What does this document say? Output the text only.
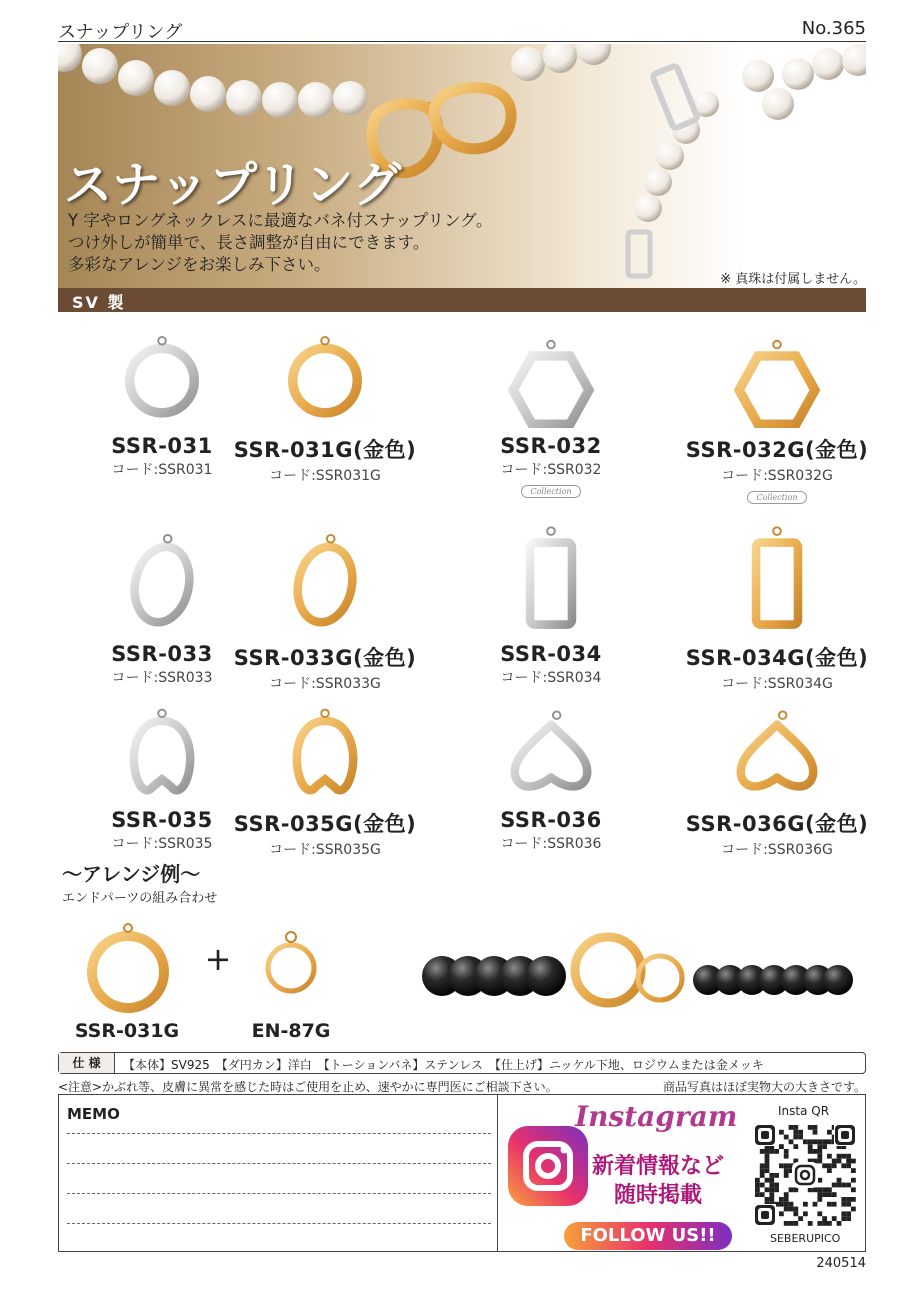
スナップリング	No.365
スナップリング
Y 字やロングネックレスに最適なバネ付スナップリング。
つけ外しが簡単で、長さ調整が自由にできます。
多彩なアレンジをお楽しみ下さい。
※ 真珠は付属しません。
SV 製
SSR-031
コード:SSR031
SSR-031G(金色)
コード:SSR031G
SSR-032
コード:SSR032
Collection
SSR-032G(金色)
コード:SSR032G
Collection
SSR-033
コード:SSR033
SSR-033G(金色)
コード:SSR033G
SSR-034
コード:SSR034
SSR-034G(金色)
コード:SSR034G
SSR-035
コード:SSR035
SSR-035G(金色)
コード:SSR035G
SSR-036
コード:SSR036
SSR-036G(金色)
コード:SSR036G
〜アレンジ例〜
エンドパーツの組み合わせ
+
SSR-031G	EN-87G
仕 様	【本体】SV925　【ダ円カン】洋白　【トーションバネ】ステンレス　【仕上げ】ニッケル下地、ロジウムまたは金メッキ
<注意>かぶれ等、皮膚に異常を感じた時はご使用を止め、速やかに専門医にご相談下さい。	商品写真はほぼ実物大の大きさです。
MEMO	Instagram
新着情報など
随時掲載
FOLLOW US!!
Insta QR
SEBERUPICO
240514
